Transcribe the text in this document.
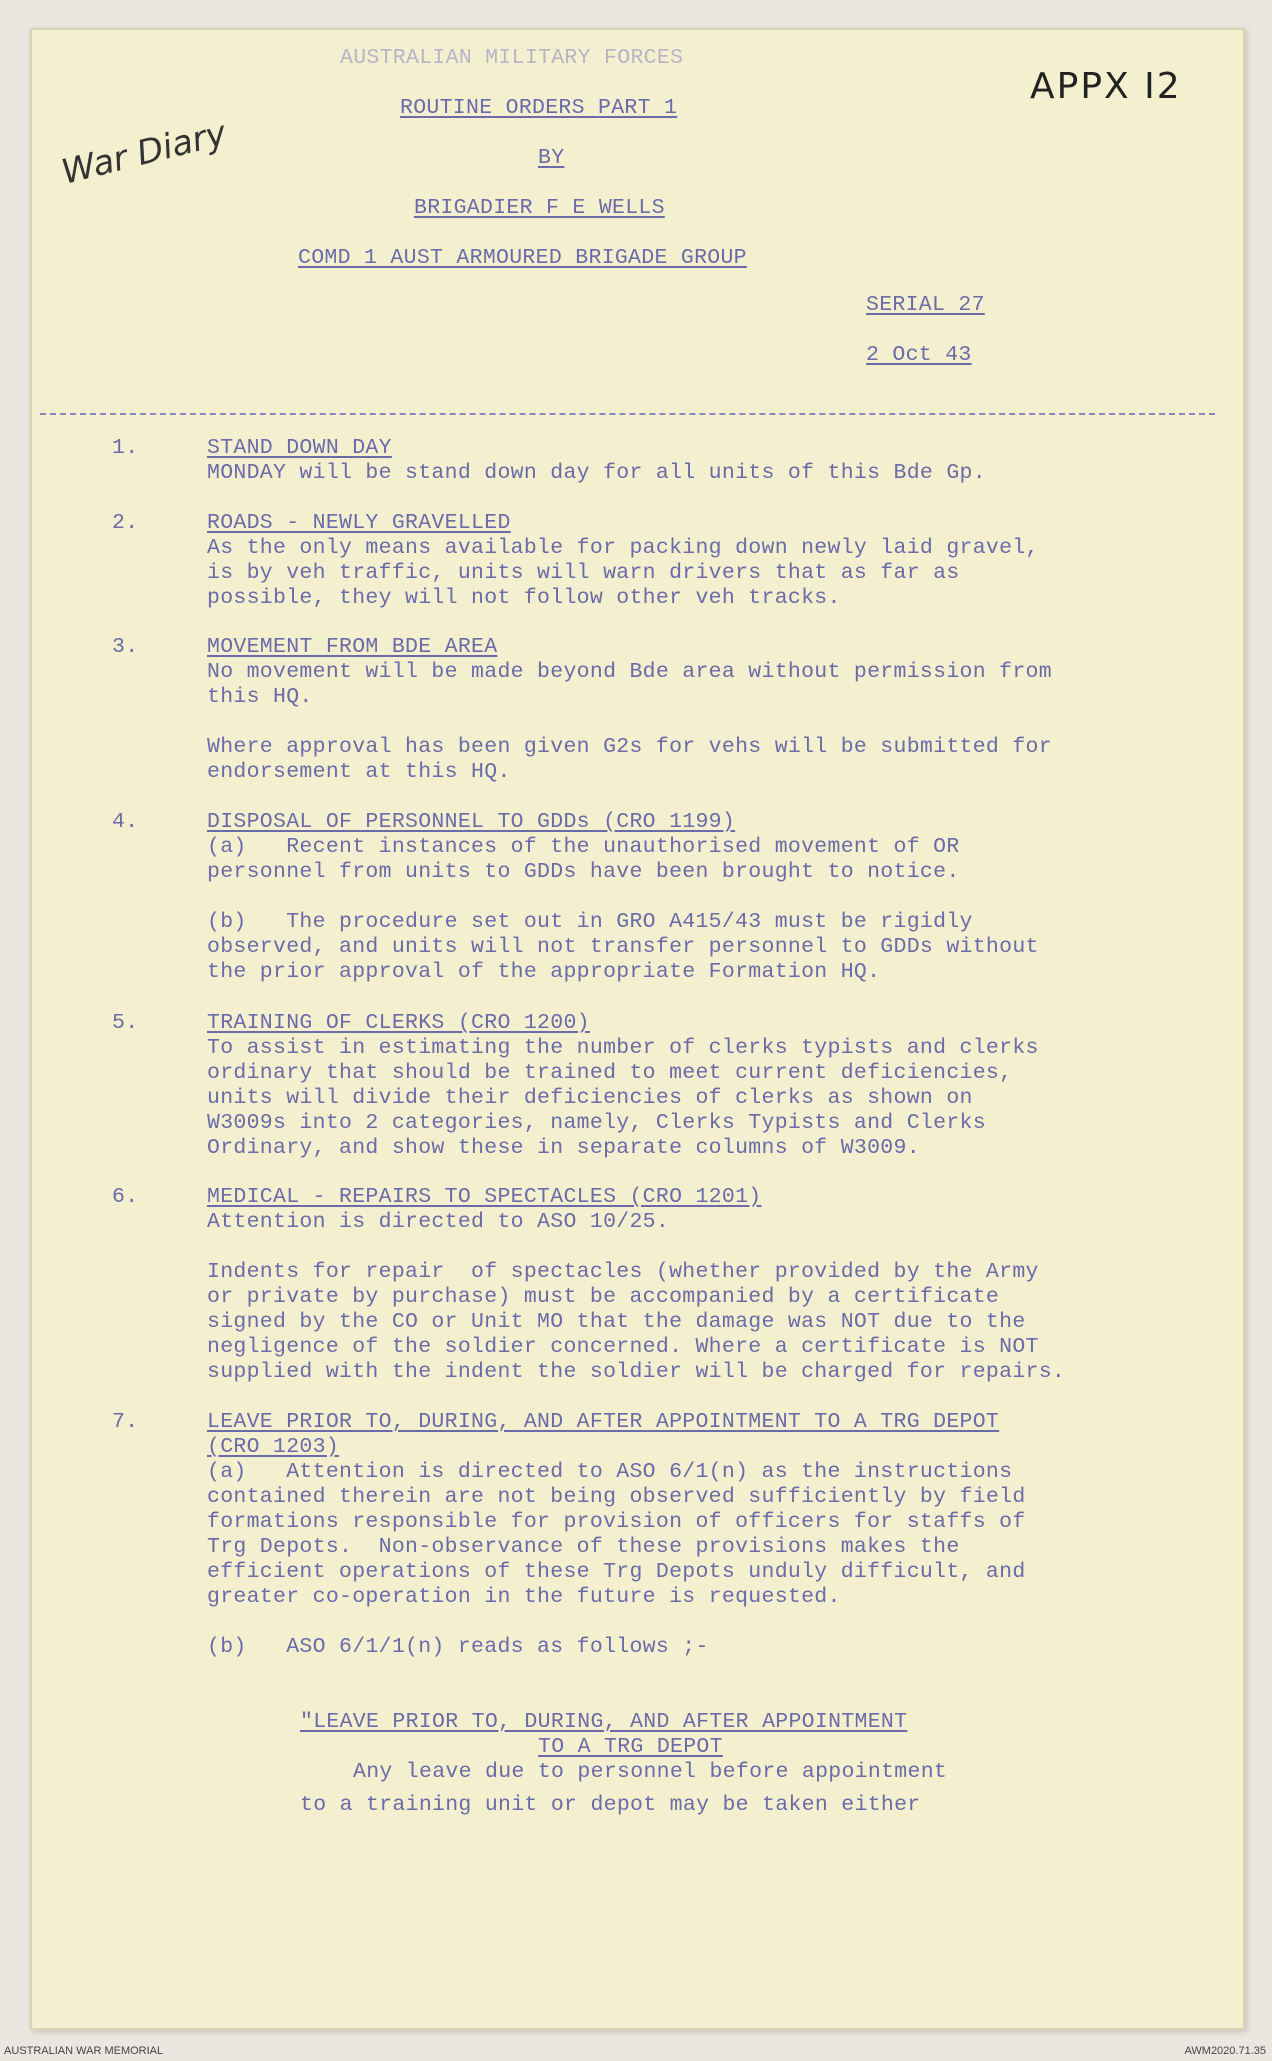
War Diary
APPX I2
AUSTRALIAN MILITARY FORCES
ROUTINE ORDERS PART 1
BY
BRIGADIER F E WELLS
COMD 1 AUST ARMOURED BRIGADE GROUP
SERIAL 27
2 Oct 43
1.	STAND DOWN DAY

MONDAY will be stand down day for all units of this Bde Gp.

2.	ROADS - NEWLY GRAVELLED

As the only means available for packing down newly laid gravel,

is by veh traffic, units will warn drivers that as far as

possible, they will not follow other veh tracks.

3.	MOVEMENT FROM BDE AREA

No movement will be made beyond Bde area without permission from

this HQ.

Where approval has been given G2s for vehs will be submitted for

endorsement at this HQ.

4.	DISPOSAL OF PERSONNEL TO GDDs (CRO 1199)

(a)   Recent instances of the unauthorised movement of OR

personnel from units to GDDs have been brought to notice.

(b)   The procedure set out in GRO A415/43 must be rigidly

observed, and units will not transfer personnel to GDDs without

the prior approval of the appropriate Formation HQ.

5.	TRAINING OF CLERKS (CRO 1200)

To assist in estimating the number of clerks typists and clerks

ordinary that should be trained to meet current deficiencies,

units will divide their deficiencies of clerks as shown on

W3009s into 2 categories, namely, Clerks Typists and Clerks

Ordinary, and show these in separate columns of W3009.

6.	MEDICAL - REPAIRS TO SPECTACLES (CRO 1201)

Attention is directed to ASO 10/25.

Indents for repair  of spectacles (whether provided by the Army

or private by purchase) must be accompanied by a certificate

signed by the CO or Unit MO that the damage was NOT due to the

negligence of the soldier concerned. Where a certificate is NOT

supplied with the indent the soldier will be charged for repairs.

7.	LEAVE PRIOR TO, DURING, AND AFTER APPOINTMENT TO A TRG DEPOT

(CRO 1203)

(a)   Attention is directed to ASO 6/1(n) as the instructions

contained therein are not being observed sufficiently by field

formations responsible for provision of officers for staffs of

Trg Depots.  Non-observance of these provisions makes the

efficient operations of these Trg Depots unduly difficult, and

greater co-operation in the future is requested.

(b)   ASO 6/1/1(n) reads as follows ;-

"LEAVE PRIOR TO, DURING, AND AFTER APPOINTMENT
TO A TRG DEPOT
Any leave due to personnel before appointment
to a training unit or depot may be taken either
AUSTRALIAN WAR MEMORIAL	AWM2020.71.35
